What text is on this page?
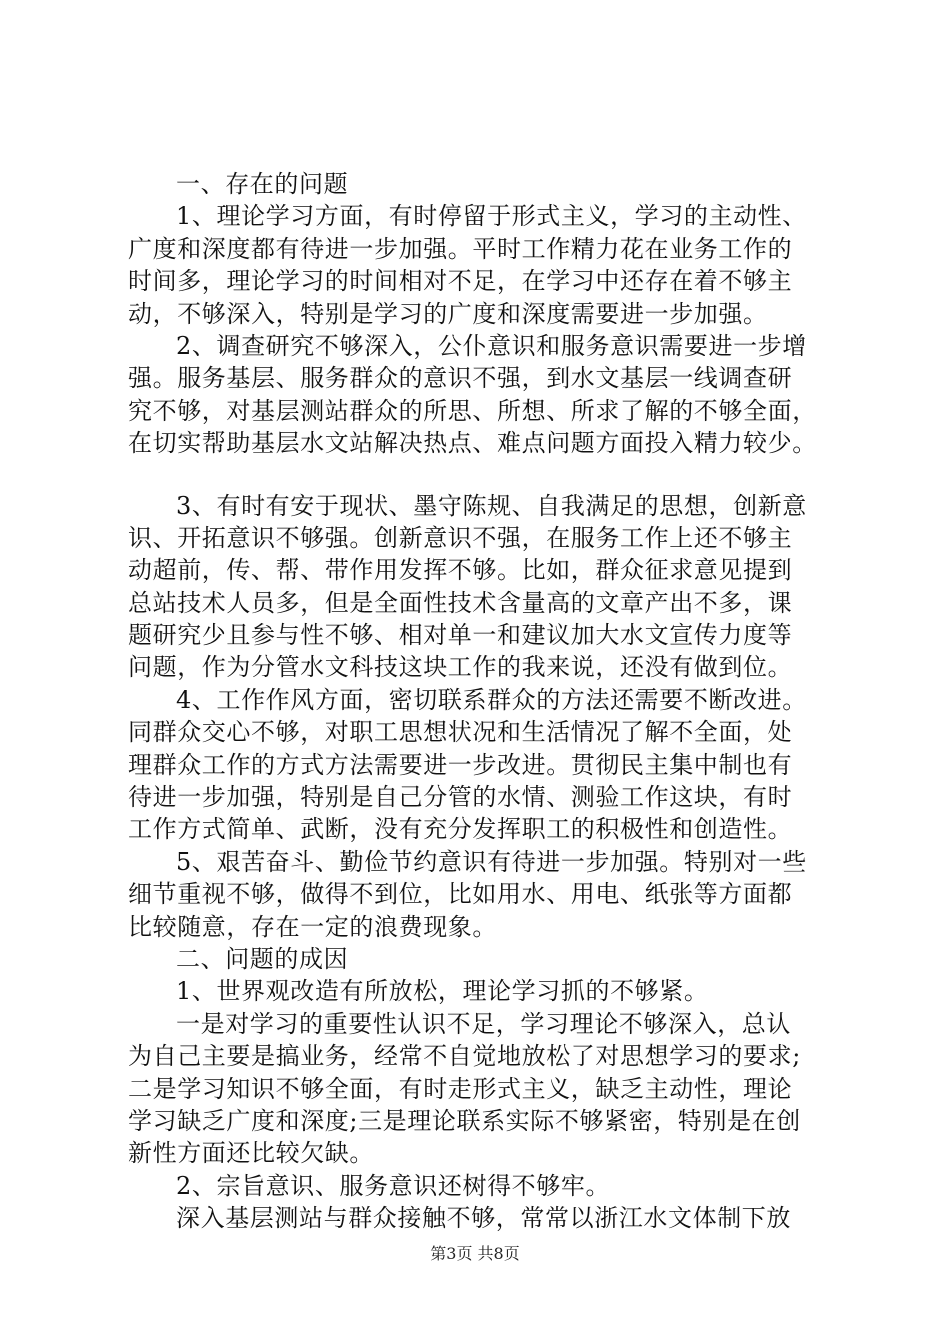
一、存在的问题
1、理论学习方面，有时停留于形式主义，学习的主动性、
广度和深度都有待进一步加强。平时工作精力花在业务工作的
时间多，理论学习的时间相对不足，在学习中还存在着不够主
动，不够深入，特别是学习的广度和深度需要进一步加强。
2、调查研究不够深入，公仆意识和服务意识需要进一步增
强。服务基层、服务群众的意识不强，到水文基层一线调查研
究不够，对基层测站群众的所思、所想、所求了解的不够全面，
在切实帮助基层水文站解决热点、难点问题方面投入精力较少。
3、有时有安于现状、墨守陈规、自我满足的思想，创新意
识、开拓意识不够强。创新意识不强，在服务工作上还不够主
动超前，传、帮、带作用发挥不够。比如，群众征求意见提到
总站技术人员多，但是全面性技术含量高的文章产出不多，课
题研究少且参与性不够、相对单一和建议加大水文宣传力度等
问题，作为分管水文科技这块工作的我来说，还没有做到位。
4、工作作风方面，密切联系群众的方法还需要不断改进。
同群众交心不够，对职工思想状况和生活情况了解不全面，处
理群众工作的方式方法需要进一步改进。贯彻民主集中制也有
待进一步加强，特别是自己分管的水情、测验工作这块，有时
工作方式简单、武断，没有充分发挥职工的积极性和创造性。
5、艰苦奋斗、勤俭节约意识有待进一步加强。特别对一些
细节重视不够，做得不到位，比如用水、用电、纸张等方面都
比较随意，存在一定的浪费现象。
二、问题的成因
1、世界观改造有所放松，理论学习抓的不够紧。
一是对学习的重要性认识不足，学习理论不够深入，总认
为自己主要是搞业务，经常不自觉地放松了对思想学习的要求;
二是学习知识不够全面，有时走形式主义，缺乏主动性，理论
学习缺乏广度和深度;三是理论联系实际不够紧密，特别是在创
新性方面还比较欠缺。
2、宗旨意识、服务意识还树得不够牢。
深入基层测站与群众接触不够，常常以浙江水文体制下放
第3页 共8页
